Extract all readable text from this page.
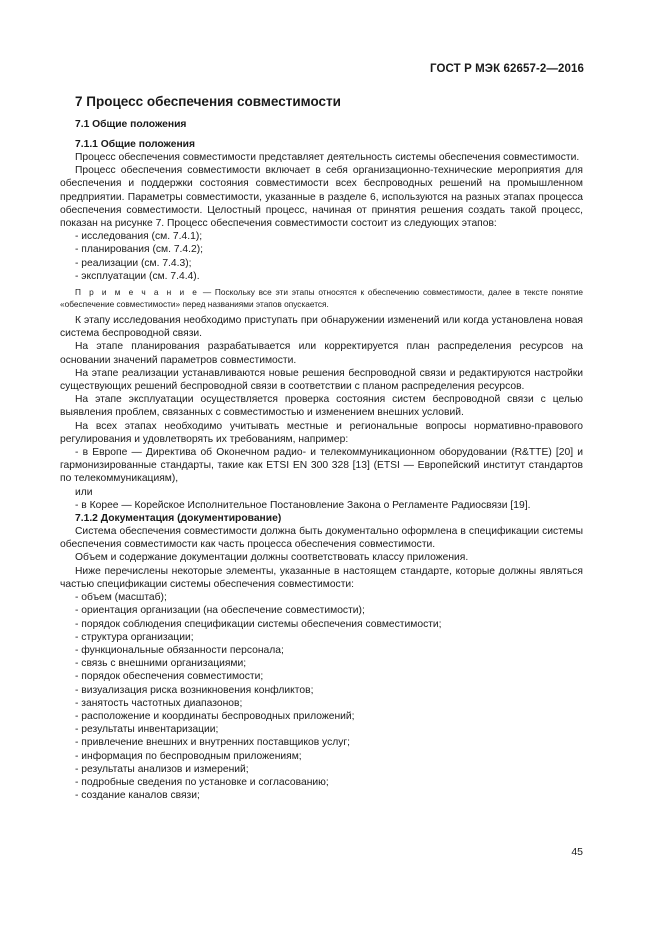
ГОСТ Р МЭК 62657-2—2016
7 Процесс обеспечения совместимости
7.1 Общие положения
7.1.1 Общие положения

Процесс обеспечения совместимости представляет деятельность системы обеспечения совместимости.

Процесс обеспечения совместимости включает в себя организационно-технические мероприятия для обеспечения и поддержки состояния совместимости всех беспроводных решений на промышленном предприятии. Параметры совместимости, указанные в разделе 6, используются на разных этапах процесса обеспечения совместимости. Целостный процесс, начиная от принятия решения создать такой процесс, показан на рисунке 7. Процесс обеспечения совместимости состоит из следующих этапов:

- исследования (см. 7.4.1);
- планирования (см. 7.4.2);
- реализации (см. 7.4.3);
- эксплуатации (см. 7.4.4).
П р и м е ч а н и е — Поскольку все эти этапы относятся к обеспечению совместимости, далее в тексте понятие «обеспечение совместимости» перед названиями этапов опускается.

К этапу исследования необходимо приступать при обнаружении изменений или когда установлена новая система беспроводной связи.

На этапе планирования разрабатывается или корректируется план распределения ресурсов на основании значений параметров совместимости.

На этапе реализации устанавливаются новые решения беспроводной связи и редактируются настройки существующих решений беспроводной связи в соответствии с планом распределения ресурсов.

На этапе эксплуатации осуществляется проверка состояния систем беспроводной связи с целью выявления проблем, связанных с совместимостью и изменением внешних условий.

На всех этапах необходимо учитывать местные и региональные вопросы нормативно-правового регулирования и удовлетворять их требованиям, например:

- в Европе — Директива об Оконечном радио- и телекоммуникационном оборудовании (R&TTE) [20] и гармонизированные стандарты, такие как ETSI EN 300 328 [13] (ETSI — Европейский институт стандартов по телекоммуникациям),

или

- в Корее — Корейское Исполнительное Постановление Закона о Регламенте Радиосвязи [19].

7.1.2 Документация (документирование)

Система обеспечения совместимости должна быть документально оформлена в спецификации системы обеспечения совместимости как часть процесса обеспечения совместимости.

Объем и содержание документации должны соответствовать классу приложения.

Ниже перечислены некоторые элементы, указанные в настоящем стандарте, которые должны являться частью спецификации системы обеспечения совместимости:

- объем (масштаб);
- ориентация организации (на обеспечение совместимости);
- порядок соблюдения спецификации системы обеспечения совместимости;
- структура организации;
- функциональные обязанности персонала;
- связь с внешними организациями;
- порядок обеспечения совместимости;
- визуализация риска возникновения конфликтов;
- занятость частотных диапазонов;
- расположение и координаты беспроводных приложений;
- результаты инвентаризации;
- привлечение внешних и внутренних поставщиков услуг;
- информация по беспроводным приложениям;
- результаты анализов и измерений;
- подробные сведения по установке и согласованию;
- создание каналов связи;
45
